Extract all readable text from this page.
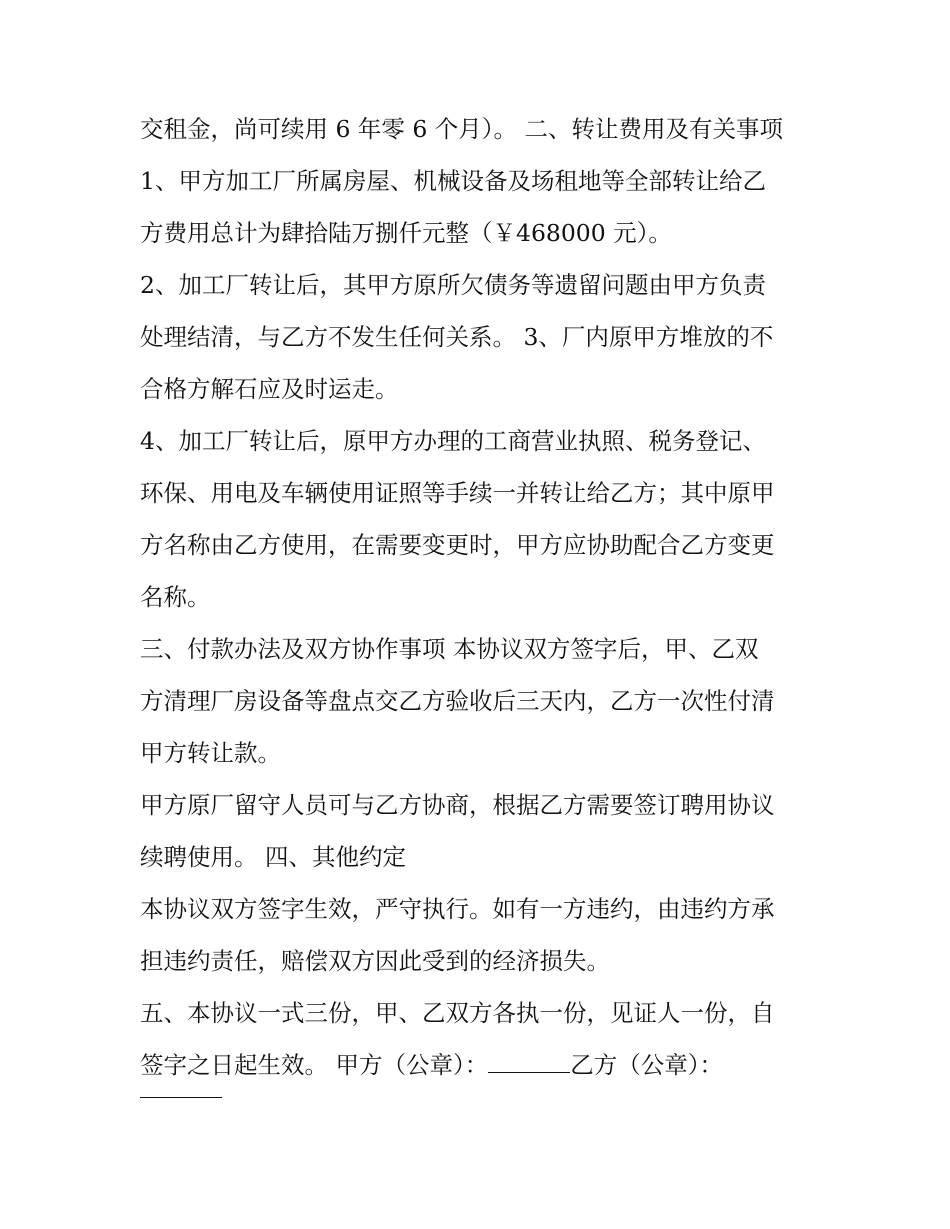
交租金，尚可续用 6 年零 6 个月）。 二、转让费用及有关事项
1、甲方加工厂所属房屋、机械设备及场租地等全部转让给乙
方费用总计为肆拾陆万捌仟元整（￥468000 元）。
2、加工厂转让后，其甲方原所欠债务等遗留问题由甲方负责
处理结清，与乙方不发生任何关系。 3、厂内原甲方堆放的不
合格方解石应及时运走。
4、加工厂转让后，原甲方办理的工商营业执照、税务登记、
环保、用电及车辆使用证照等手续一并转让给乙方；其中原甲
方名称由乙方使用，在需要变更时，甲方应协助配合乙方变更
名称。
三、付款办法及双方协作事项 本协议双方签字后，甲、乙双
方清理厂房设备等盘点交乙方验收后三天内，乙方一次性付清
甲方转让款。
甲方原厂留守人员可与乙方协商，根据乙方需要签订聘用协议
续聘使用。 四、其他约定
本协议双方签字生效，严守执行。如有一方违约，由违约方承
担违约责任，赔偿双方因此受到的经济损失。
五、本协议一式三份，甲、乙双方各执一份，见证人一份，自
签字之日起生效。 甲方（公章）：	乙方（公章）：
